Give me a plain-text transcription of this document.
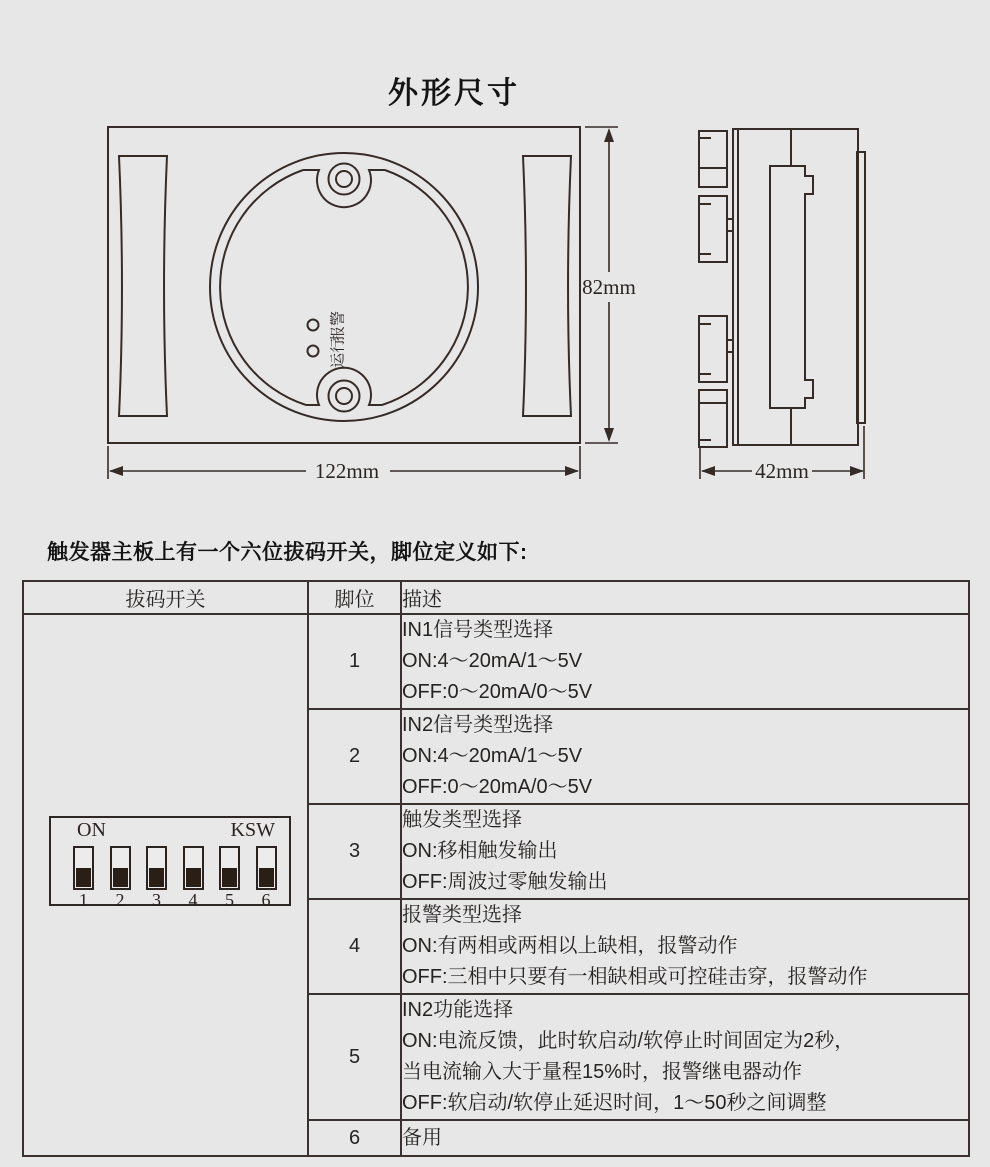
外形尺寸
报警
运行
82mm
122mm	42mm
触发器主板上有一个六位拔码开关，脚位定义如下:
拔码开关	脚位	描述

ON	KSW
1 2 3 4 5 6
	1	
IN1信号类型选择
ON:4～20mA/1～5V
OFF:0～20mA/0～5V

	2	IN2信号类型选择
ON:4～20mA/1～5V
OFF:0～20mA/0～5V

	3	触发类型选择
ON:移相触发输出
OFF:周波过零触发输出

	4	报警类型选择
ON:有两相或两相以上缺相，报警动作
OFF:三相中只要有一相缺相或可控硅击穿，报警动作

	5	IN2功能选择
ON:电流反馈，此时软启动/软停止时间固定为2秒，
当电流输入大于量程15%时，报警继电器动作
OFF:软启动/软停止延迟时间，1～50秒之间调整

	6	备用
